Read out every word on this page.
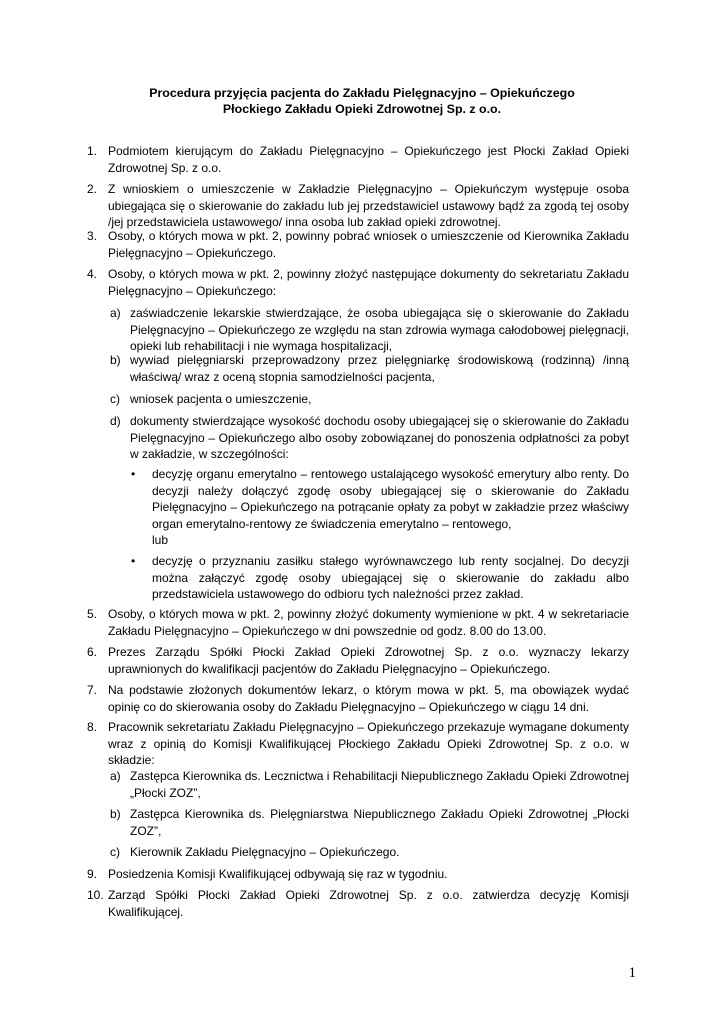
Procedura przyjęcia pacjenta do Zakładu Pielęgnacyjno – Opiekuńczego
Płockiego Zakładu Opieki Zdrowotnej Sp. z o.o.
1. Podmiotem kierującym do Zakładu Pielęgnacyjno – Opiekuńczego jest Płocki Zakład Opieki Zdrowotnej Sp. z o.o.
2. Z wnioskiem o umieszczenie w Zakładzie Pielęgnacyjno – Opiekuńczym występuje osoba ubiegająca się o skierowanie do zakładu lub jej przedstawiciel ustawowy bądź za zgodą tej osoby /jej przedstawiciela ustawowego/ inna osoba lub zakład opieki zdrowotnej.
3. Osoby, o których mowa w pkt. 2, powinny pobrać wniosek o umieszczenie od Kierownika Zakładu Pielęgnacyjno – Opiekuńczego.
4. Osoby, o których mowa w pkt. 2, powinny złożyć następujące dokumenty do sekretariatu Zakładu Pielęgnacyjno – Opiekuńczego:
a) zaświadczenie lekarskie stwierdzające, że osoba ubiegająca się o skierowanie do Zakładu Pielęgnacyjno – Opiekuńczego ze względu na stan zdrowia wymaga całodobowej pielęgnacji, opieki lub rehabilitacji i nie wymaga hospitalizacji,
b) wywiad pielęgniarski przeprowadzony przez pielęgniarkę środowiskową (rodzinną) /inną właściwą/ wraz z oceną stopnia samodzielności pacjenta,
c) wniosek pacjenta o umieszczenie,
d) dokumenty stwierdzające wysokość dochodu osoby ubiegającej się o skierowanie do Zakładu Pielęgnacyjno – Opiekuńczego albo osoby zobowiązanej do ponoszenia odpłatności za pobyt w zakładzie, w szczególności:
• decyzję organu emerytalno – rentowego ustalającego wysokość emerytury albo renty. Do decyzji należy dołączyć zgodę osoby ubiegającej się o skierowanie do Zakładu Pielęgnacyjno – Opiekuńczego na potrącanie opłaty za pobyt w zakładzie przez właściwy organ emerytalno-rentowy ze świadczenia emerytalno – rentowego,
lub
• decyzję o przyznaniu zasiłku stałego wyrównawczego lub renty socjalnej. Do decyzji można załączyć zgodę osoby ubiegającej się o skierowanie do zakładu albo przedstawiciela ustawowego do odbioru tych należności przez zakład.
5. Osoby, o których mowa w pkt. 2, powinny złożyć dokumenty wymienione w pkt. 4 w sekretariacie Zakładu Pielęgnacyjno – Opiekuńczego w dni powszednie od godz. 8.00 do 13.00.
6. Prezes Zarządu Spółki Płocki Zakład Opieki Zdrowotnej Sp. z o.o. wyznaczy lekarzy uprawnionych do kwalifikacji pacjentów do Zakładu Pielęgnacyjno – Opiekuńczego.
7. Na podstawie złożonych dokumentów lekarz, o którym mowa w pkt. 5, ma obowiązek wydać opinię co do skierowania osoby do Zakładu Pielęgnacyjno – Opiekuńczego w ciągu 14 dni.
8. Pracownik sekretariatu Zakładu Pielęgnacyjno – Opiekuńczego przekazuje wymagane dokumenty wraz z opinią do Komisji Kwalifikującej Płockiego Zakładu Opieki Zdrowotnej Sp. z o.o. w składzie:
a) Zastępca Kierownika ds. Lecznictwa i Rehabilitacji Niepublicznego Zakładu Opieki Zdrowotnej „Płocki ZOZ”,
b) Zastępca Kierownika ds. Pielęgniarstwa Niepublicznego Zakładu Opieki Zdrowotnej „Płocki ZOZ”,
c) Kierownik Zakładu Pielęgnacyjno – Opiekuńczego.
9. Posiedzenia Komisji Kwalifikującej odbywają się raz w tygodniu.
10. Zarząd Spółki Płocki Zakład Opieki Zdrowotnej Sp. z o.o. zatwierdza decyzję Komisji Kwalifikującej.
1
